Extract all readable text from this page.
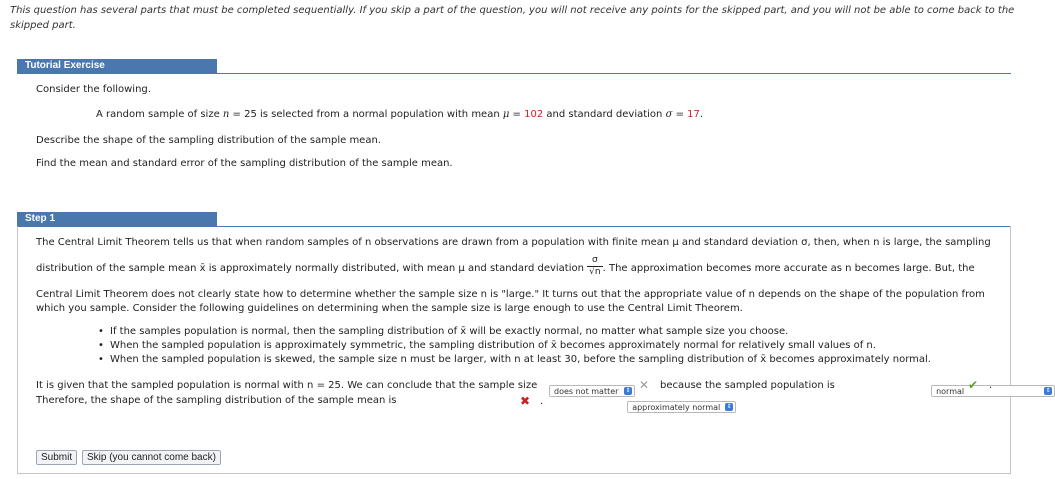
This question has several parts that must be completed sequentially. If you skip a part of the question, you will not receive any points for the skipped part, and you will not be able to come back to the skipped part.
Tutorial Exercise
Consider the following.
A random sample of size n = 25 is selected from a normal population with mean μ = 102 and standard deviation σ = 17.
Describe the shape of the sampling distribution of the sample mean.
Find the mean and standard error of the sampling distribution of the sample mean.
Step 1
The Central Limit Theorem tells us that when random samples of n observations are drawn from a population with finite mean μ and standard deviation σ, then, when n is large, the sampling
distribution of the sample mean x̄ is approximately normally distributed, with mean μ and standard deviation $\frac{\sigma}{√n}$ . The approximation becomes more accurate as n becomes large. But, the
Central Limit Theorem does not clearly state how to determine whether the sample size n is "large." It turns out that the appropriate value of n depends on the shape of the population from
which you sample. Consider the following guidelines on determining when the sample size is large enough to use the Central Limit Theorem.
• If the samples population is normal, then the sampling distribution of x̄ will be exactly normal, no matter what sample size you choose.
• When the sampled population is approximately symmetric, the sampling distribution of x̄ becomes approximately normal for relatively small values of n.
• When the sampled population is skewed, the sample size n must be larger, with n at least 30, before the sampling distribution of x̄ becomes approximately normal.
It is given that the sampled population is normal with n = 25. We can conclude that the sample size
does not matter ⇕
✕ because the sampled population is
normal	⇕

✔ .
Therefore, the shape of the sampling distribution of the sample mean is
approximately normal ⇕
✖ .
Submit	Skip (you cannot come back)
